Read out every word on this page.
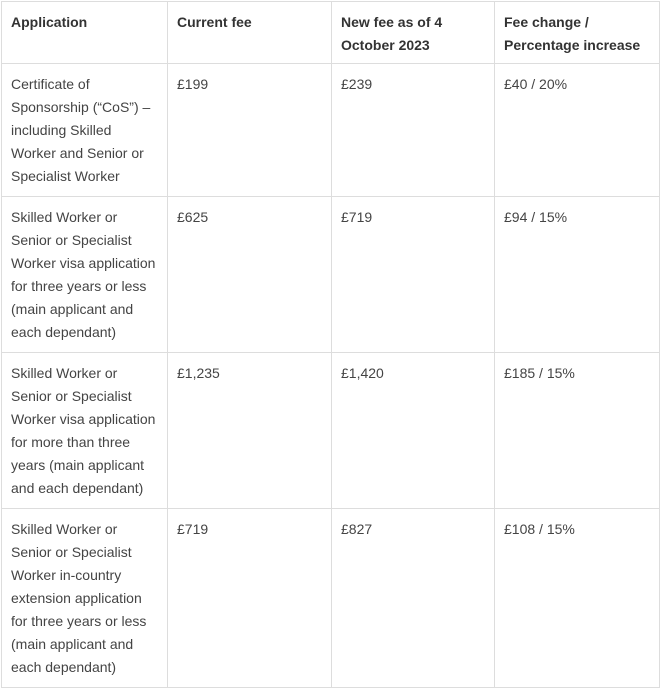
Application	Current fee	New fee as of 4 October 2023	Fee change / Percentage increase
Certificate of Sponsorship (“CoS”) – including Skilled Worker and Senior or Specialist Worker	£199	£239	£40 / 20%
Skilled Worker or Senior or Specialist Worker visa application for three years or less (main applicant and each dependant)	£625	£719	£94 / 15%
Skilled Worker or Senior or Specialist Worker visa application for more than three years (main applicant and each dependant)	£1,235	£1,420	£185 / 15%
Skilled Worker or Senior or Specialist Worker in-country extension application for three years or less (main applicant and each dependant)	£719	£827	£108 / 15%
